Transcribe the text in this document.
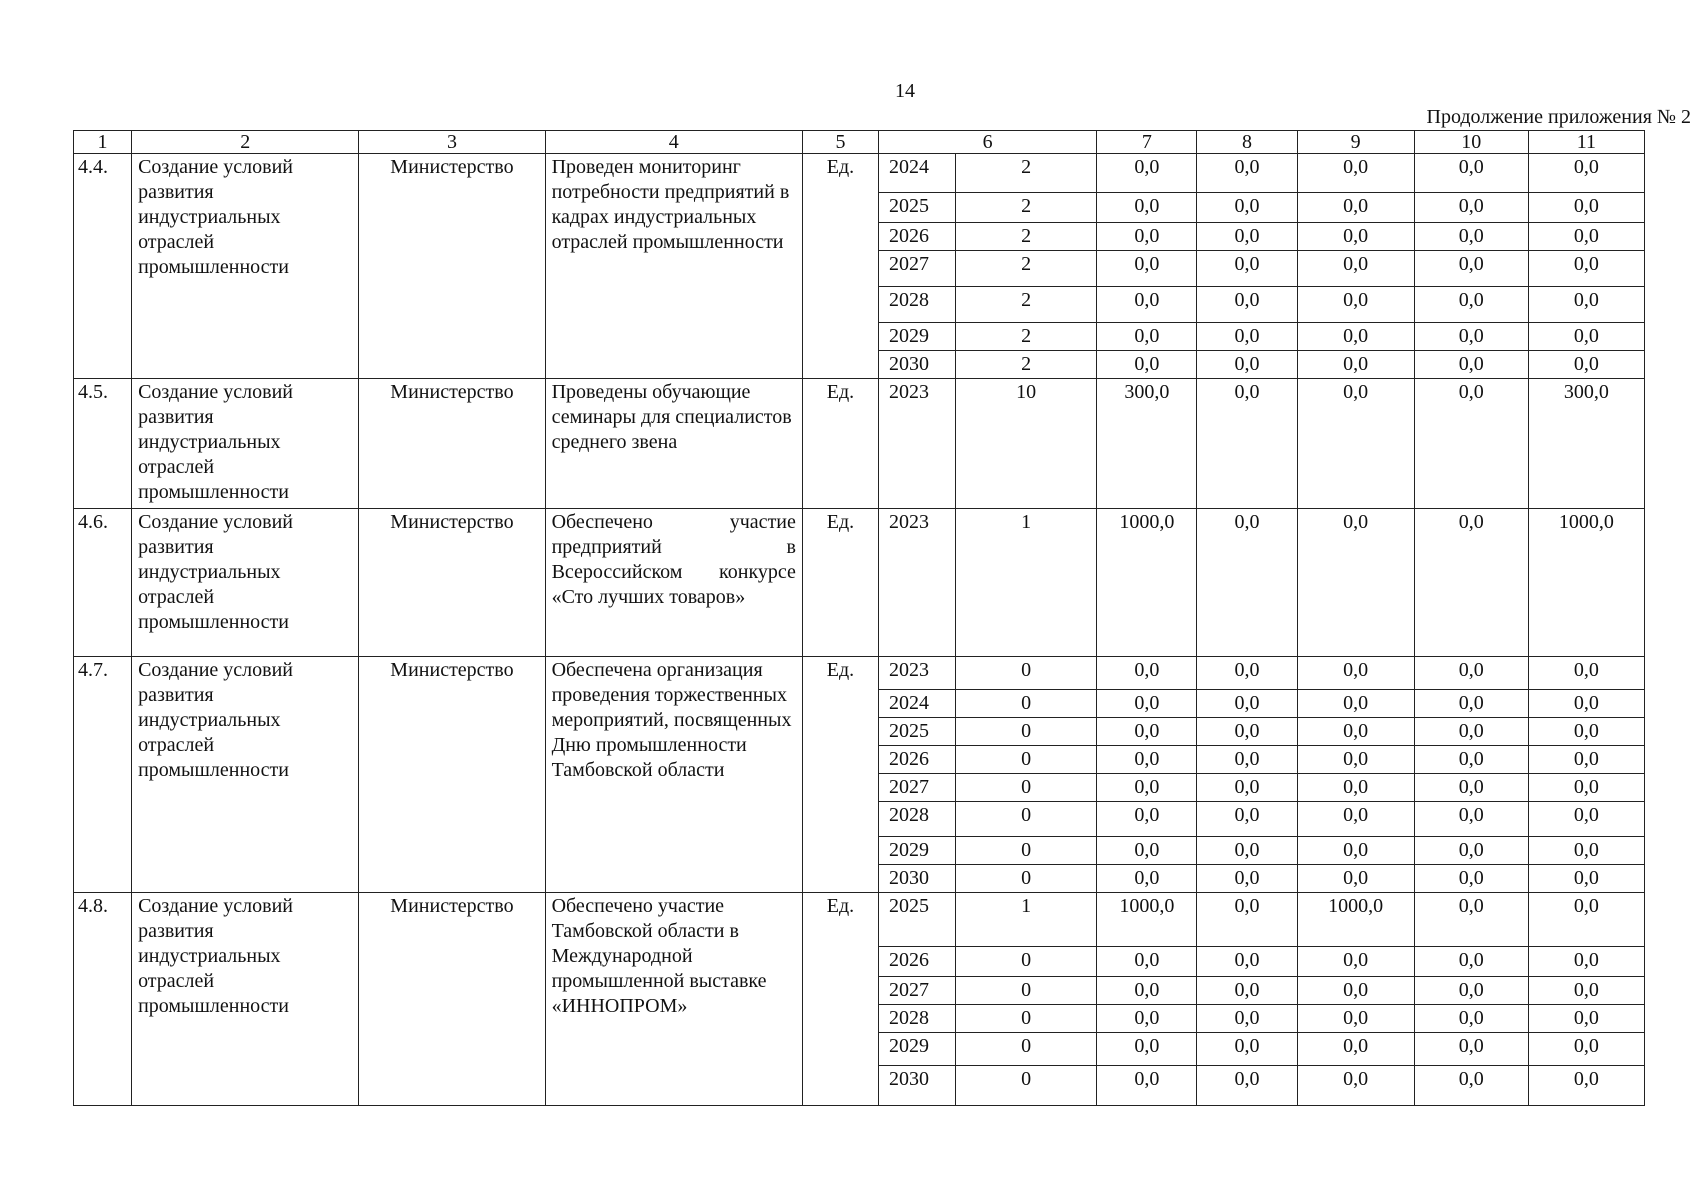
14
Продолжение приложения № 2
1	2	3	4	5	6		7	8	9	10	11
4.4.	Создание условий развития индустриальных отраслей промышленности	Министерство	Проведен мониторинг потребности предприятий в кадрах индустриальных отраслей промышленности	Ед.	2024	2	0,0	0,0	0,0	0,0	0,0
					2025	2	0,0	0,0	0,0	0,0	0,0
					2026	2	0,0	0,0	0,0	0,0	0,0
					2027	2	0,0	0,0	0,0	0,0	0,0
					2028	2	0,0	0,0	0,0	0,0	0,0
					2029	2	0,0	0,0	0,0	0,0	0,0
					2030	2	0,0	0,0	0,0	0,0	0,0
4.5.	Создание условий развития индустриальных отраслей промышленности	Министерство	Проведены обучающие семинары для специалистов среднего звена	Ед.	2023	10	300,0	0,0	0,0	0,0	300,0
4.6.	Создание условий развития индустриальных отраслей промышленности	Министерство	Обеспечено участие предприятий в Всероссийском конкурсе «Сто лучших товаров»	Ед.	2023	1	1000,0	0,0	0,0	0,0	1000,0
4.7.	Создание условий развития индустриальных отраслей промышленности	Министерство	Обеспечена организация проведения торжественных мероприятий, посвященных Дню промышленности Тамбовской области	Ед.	2023	0	0,0	0,0	0,0	0,0	0,0
					2024	0	0,0	0,0	0,0	0,0	0,0
					2025	0	0,0	0,0	0,0	0,0	0,0
					2026	0	0,0	0,0	0,0	0,0	0,0
					2027	0	0,0	0,0	0,0	0,0	0,0
					2028	0	0,0	0,0	0,0	0,0	0,0
					2029	0	0,0	0,0	0,0	0,0	0,0
					2030	0	0,0	0,0	0,0	0,0	0,0
4.8.	Создание условий развития индустриальных отраслей промышленности	Министерство	Обеспечено участие Тамбовской области в Международной промышленной выставке «ИННОПРОМ»	Ед.	2025	1	1000,0	0,0	1000,0	0,0	0,0
					2026	0	0,0	0,0	0,0	0,0	0,0
					2027	0	0,0	0,0	0,0	0,0	0,0
					2028	0	0,0	0,0	0,0	0,0	0,0
					2029	0	0,0	0,0	0,0	0,0	0,0
					2030	0	0,0	0,0	0,0	0,0	0,0
